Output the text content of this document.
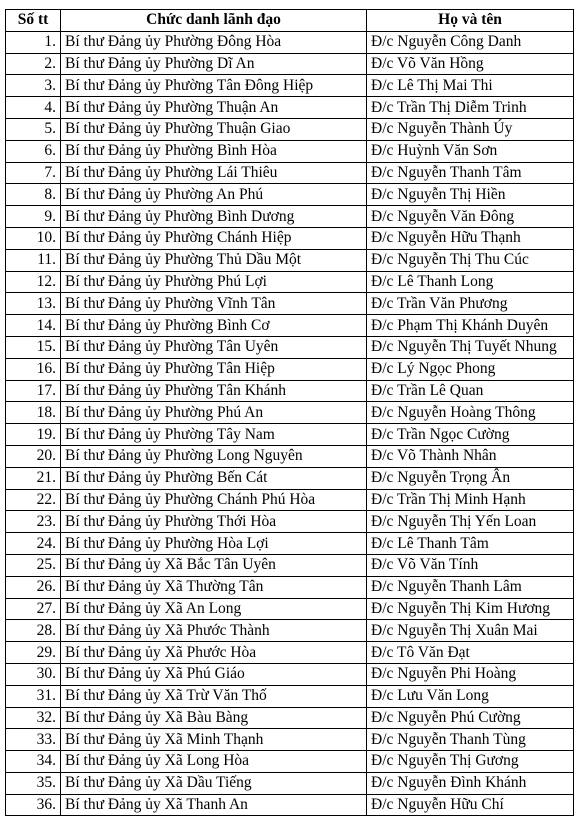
Số tt	Chức danh lãnh đạo	Họ và tên
1.	Bí thư Đảng ủy Phường Đông Hòa	Đ/c Nguyễn Công Danh
2.	Bí thư Đảng ủy Phường Dĩ An	Đ/c Võ Văn Hồng
3.	Bí thư Đảng ủy Phường Tân Đông Hiệp	Đ/c Lê Thị Mai Thi
4.	Bí thư Đảng ủy Phường Thuận An	Đ/c Trần Thị Diễm Trinh
5.	Bí thư Đảng ủy Phường Thuận Giao	Đ/c Nguyễn Thành Úy
6.	Bí thư Đảng ủy Phường Bình Hòa	Đ/c Huỳnh Văn Sơn
7.	Bí thư Đảng ủy Phường Lái Thiêu	Đ/c Nguyễn Thanh Tâm
8.	Bí thư Đảng ủy Phường An Phú	Đ/c Nguyễn Thị Hiền
9.	Bí thư Đảng ủy Phường Bình Dương	Đ/c Nguyễn Văn Đông
10.	Bí thư Đảng ủy Phường Chánh Hiệp	Đ/c Nguyễn Hữu Thạnh
11.	Bí thư Đảng ủy Phường Thủ Dầu Một	Đ/c Nguyễn Thị Thu Cúc
12.	Bí thư Đảng ủy Phường Phú Lợi	Đ/c Lê Thanh Long
13.	Bí thư Đảng ủy Phường Vĩnh Tân	Đ/c Trần Văn Phương
14.	Bí thư Đảng ủy Phường Bình Cơ	Đ/c Phạm Thị Khánh Duyên
15.	Bí thư Đảng ủy Phường Tân Uyên	Đ/c Nguyễn Thị Tuyết Nhung
16.	Bí thư Đảng ủy Phường Tân Hiệp	Đ/c Lý Ngọc Phong
17.	Bí thư Đảng ủy Phường Tân Khánh	Đ/c Trần Lê Quan
18.	Bí thư Đảng ủy Phường Phú An	Đ/c Nguyễn Hoàng Thông
19.	Bí thư Đảng ủy Phường Tây Nam	Đ/c Trần Ngọc Cường
20.	Bí thư Đảng ủy Phường Long Nguyên	Đ/c Võ Thành Nhân
21.	Bí thư Đảng ủy Phường Bến Cát	Đ/c Nguyễn Trọng Ân
22.	Bí thư Đảng ủy Phường Chánh Phú Hòa	Đ/c Trần Thị Minh Hạnh
23.	Bí thư Đảng ủy Phường Thới Hòa	Đ/c Nguyễn Thị Yến Loan
24.	Bí thư Đảng ủy Phường Hòa Lợi	Đ/c Lê Thanh Tâm
25.	Bí thư Đảng ủy Xã Bắc Tân Uyên	Đ/c Võ Văn Tính
26.	Bí thư Đảng ủy Xã Thường Tân	Đ/c Nguyễn Thanh Lâm
27.	Bí thư Đảng ủy Xã An Long	Đ/c Nguyễn Thị Kim Hương
28.	Bí thư Đảng ủy Xã Phước Thành	Đ/c Nguyễn Thị Xuân Mai
29.	Bí thư Đảng ủy Xã Phước Hòa	Đ/c Tô Văn Đạt
30.	Bí thư Đảng ủy Xã Phú Giáo	Đ/c Nguyễn Phi Hoàng
31.	Bí thư Đảng ủy Xã Trừ Văn Thố	Đ/c Lưu Văn Long
32.	Bí thư Đảng ủy Xã Bàu Bàng	Đ/c Nguyễn Phú Cường
33.	Bí thư Đảng ủy Xã Minh Thạnh	Đ/c Nguyễn Thanh Tùng
34.	Bí thư Đảng ủy Xã Long Hòa	Đ/c Nguyễn Thị Gương
35.	Bí thư Đảng ủy Xã Dầu Tiếng	Đ/c Nguyễn Đình Khánh
36.	Bí thư Đảng ủy Xã Thanh An	Đ/c Nguyễn Hữu Chí
